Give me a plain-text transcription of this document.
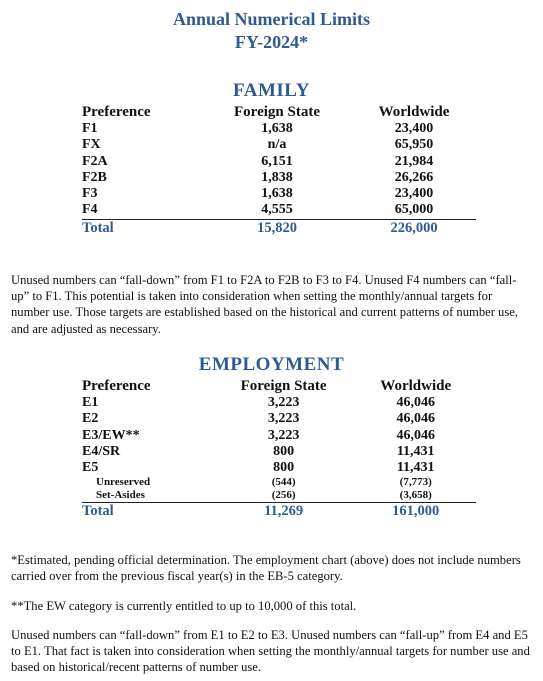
Annual Numerical Limits
FY-2024*
FAMILY
Preference	Foreign State	Worldwide
F1	1,638	23,400
FX	n/a	65,950
F2A	6,151	21,984
F2B	1,838	26,266
F3	1,638	23,400
F4	4,555	65,000
Total	15,820	226,000

Unused numbers can “fall-down” from F1 to F2A to F2B to F3 to F4. Unused F4 numbers can “fall-up” to F1. This potential is taken into consideration when setting the monthly/annual targets for number use. Those targets are established based on the historical and current patterns of number use, and are adjusted as necessary.

EMPLOYMENT
Preference	Foreign State	Worldwide
E1	3,223	46,046
E2	3,223	46,046
E3/EW**	3,223	46,046
E4/SR	800	11,431
E5	800	11,431
Unreserved	(544)	(7,773)
Set-Asides	(256)	(3,658)
Total	11,269	161,000

*Estimated, pending official determination. The employment chart (above) does not include numbers carried over from the previous fiscal year(s) in the EB-5 category.

**The EW category is currently entitled to up to 10,000 of this total.

Unused numbers can “fall-down” from E1 to E2 to E3. Unused numbers can “fall-up” from E4 and E5 to E1. That fact is taken into consideration when setting the monthly/annual targets for number use and based on historical/recent patterns of number use.
